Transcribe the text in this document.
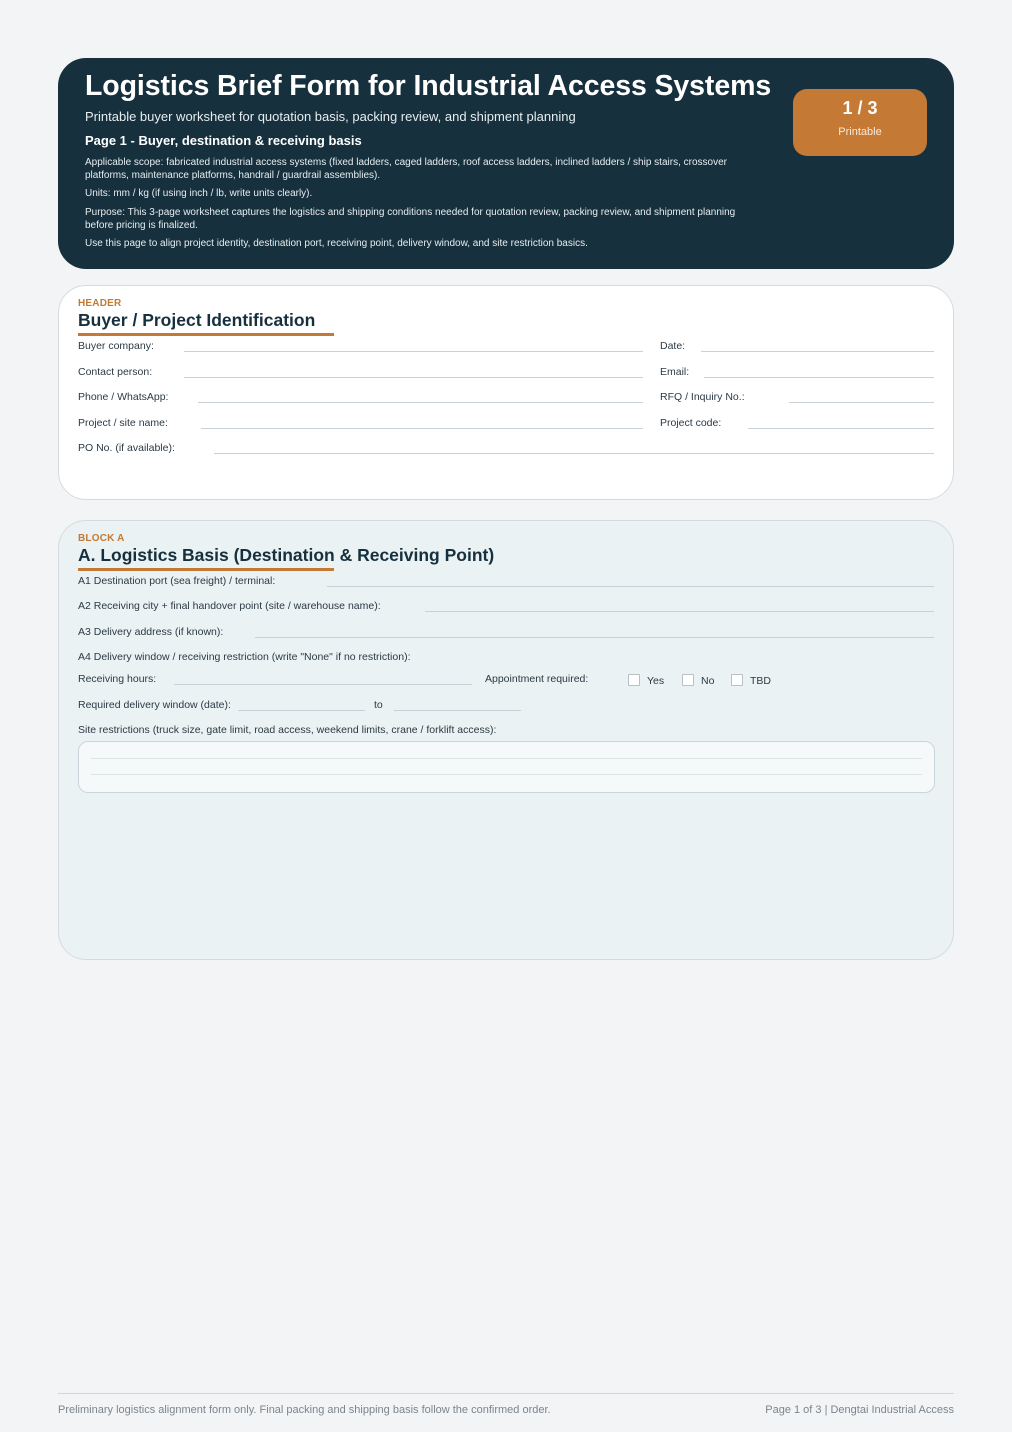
Logistics Brief Form for Industrial Access Systems
Printable buyer worksheet for quotation basis, packing review, and shipment planning
Page 1 - Buyer, destination & receiving basis
Applicable scope: fabricated industrial access systems (fixed ladders, caged ladders, roof access ladders, inclined ladders / ship stairs, crossover platforms, maintenance platforms, handrail / guardrail assemblies).
Units: mm / kg (if using inch / lb, write units clearly).
Purpose: This 3-page worksheet captures the logistics and shipping conditions needed for quotation review, packing review, and shipment planning before pricing is finalized.
Use this page to align project identity, destination port, receiving point, delivery window, and site restriction basics.
1 / 3
Printable
HEADER
Buyer / Project Identification
Buyer company:	Date:
Contact person:	Email:
Phone / WhatsApp:	RFQ / Inquiry No.:
Project / site name:	Project code:
PO No. (if available):
BLOCK A
A. Logistics Basis (Destination & Receiving Point)
A1 Destination port (sea freight) / terminal:
A2 Receiving city + final handover point (site / warehouse name):
A3 Delivery address (if known):
A4 Delivery window / receiving restriction (write "None" if no restriction):
Receiving hours:	Appointment required:	Yes	No	TBD
Required delivery window (date):	to
Site restrictions (truck size, gate limit, road access, weekend limits, crane / forklift access):
Preliminary logistics alignment form only. Final packing and shipping basis follow the confirmed order.	Page 1 of 3 | Dengtai Industrial Access
